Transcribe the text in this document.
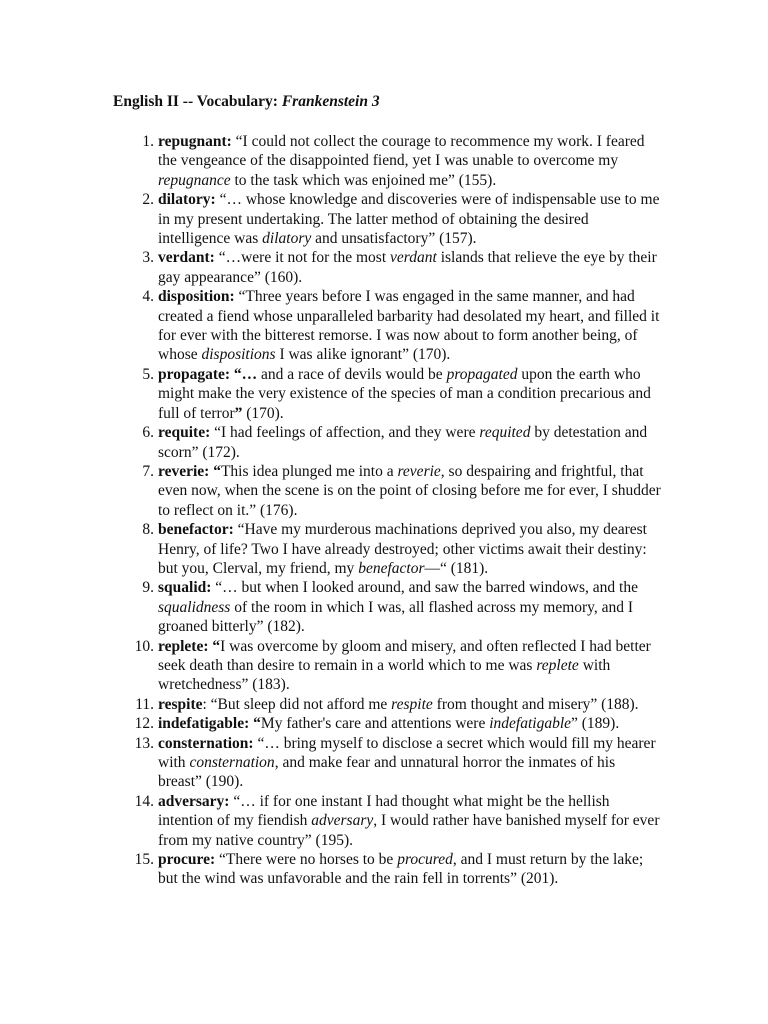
English II -- Vocabulary: Frankenstein 3
1. repugnant: “I could not collect the courage to recommence my work. I feared the vengeance of the disappointed fiend, yet I was unable to overcome my repugnance to the task which was enjoined me” (155).
2. dilatory: “… whose knowledge and discoveries were of indispensable use to me in my present undertaking. The latter method of obtaining the desired intelligence was dilatory and unsatisfactory” (157).
3. verdant: “…were it not for the most verdant islands that relieve the eye by their gay appearance” (160).
4. disposition: “Three years before I was engaged in the same manner, and had created a fiend whose unparalleled barbarity had desolated my heart, and filled it for ever with the bitterest remorse. I was now about to form another being, of whose dispositions I was alike ignorant” (170).
5. propagate: “… and a race of devils would be propagated upon the earth who might make the very existence of the species of man a condition precarious and full of terror” (170).
6. requite: “I had feelings of affection, and they were requited by detestation and scorn” (172).
7. reverie: “This idea plunged me into a reverie, so despairing and frightful, that even now, when the scene is on the point of closing before me for ever, I shudder to reflect on it.” (176).
8. benefactor: “Have my murderous machinations deprived you also, my dearest Henry, of life? Two I have already destroyed; other victims await their destiny: but you, Clerval, my friend, my benefactor—“ (181).
9. squalid: “… but when I looked around, and saw the barred windows, and the squalidness of the room in which I was, all flashed across my memory, and I groaned bitterly” (182).
10. replete: “I was overcome by gloom and misery, and often reflected I had better seek death than desire to remain in a world which to me was replete with wretchedness” (183).
11. respite: “But sleep did not afford me respite from thought and misery” (188).
12. indefatigable: “My father's care and attentions were indefatigable” (189).
13. consternation: “… bring myself to disclose a secret which would fill my hearer with consternation, and make fear and unnatural horror the inmates of his breast” (190).
14. adversary: “… if for one instant I had thought what might be the hellish intention of my fiendish adversary, I would rather have banished myself for ever from my native country” (195).
15. procure: “There were no horses to be procured, and I must return by the lake; but the wind was unfavorable and the rain fell in torrents” (201).
